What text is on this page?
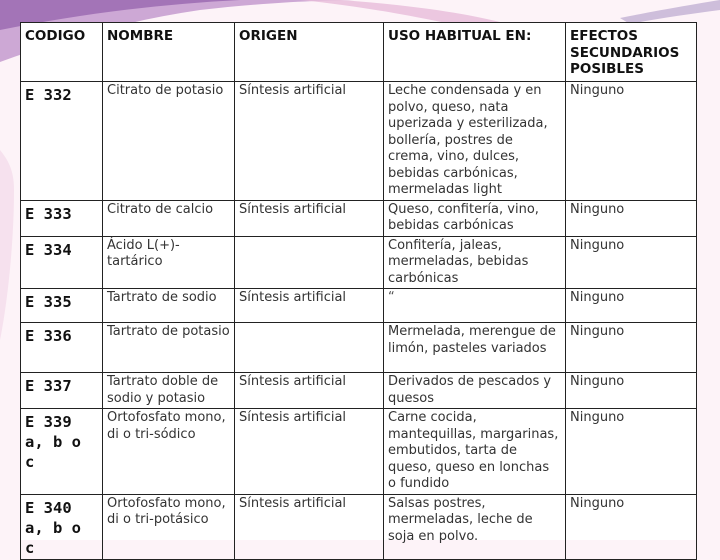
CODIGO	NOMBRE	ORIGEN	USO HABITUAL EN:	EFECTOS SECUNDARIOS POSIBLES
E 332	Citrato de potasio	Síntesis artificial	Leche condensada y en polvo, queso, nata uperizada y esterilizada, bollería, postres de crema, vino, dulces, bebidas carbónicas, mermeladas light	Ninguno
E 333	Citrato de calcio	Síntesis artificial	Queso, confitería, vino, bebidas carbónicas	Ninguno
E 334	Ácido L(+)-tartárico		Confitería, jaleas, mermeladas, bebidas carbónicas	Ninguno
E 335	Tartrato de sodio	Síntesis artificial	“	Ninguno
E 336	Tartrato de potasio		Mermelada, merengue de limón, pasteles variados	Ninguno
E 337	Tartrato doble de sodio y potasio	Síntesis artificial	Derivados de pescados y quesos	Ninguno
E 339 a, b o c	Ortofosfato mono, di o tri-sódico	Síntesis artificial	Carne cocida, mantequillas, margarinas, embutidos, tarta de queso, queso en lonchas o fundido	Ninguno
E 340 a, b o c	Ortofosfato mono, di o tri-potásico	Síntesis artificial	Salsas postres, mermeladas, leche de soja en polvo.	Ninguno
